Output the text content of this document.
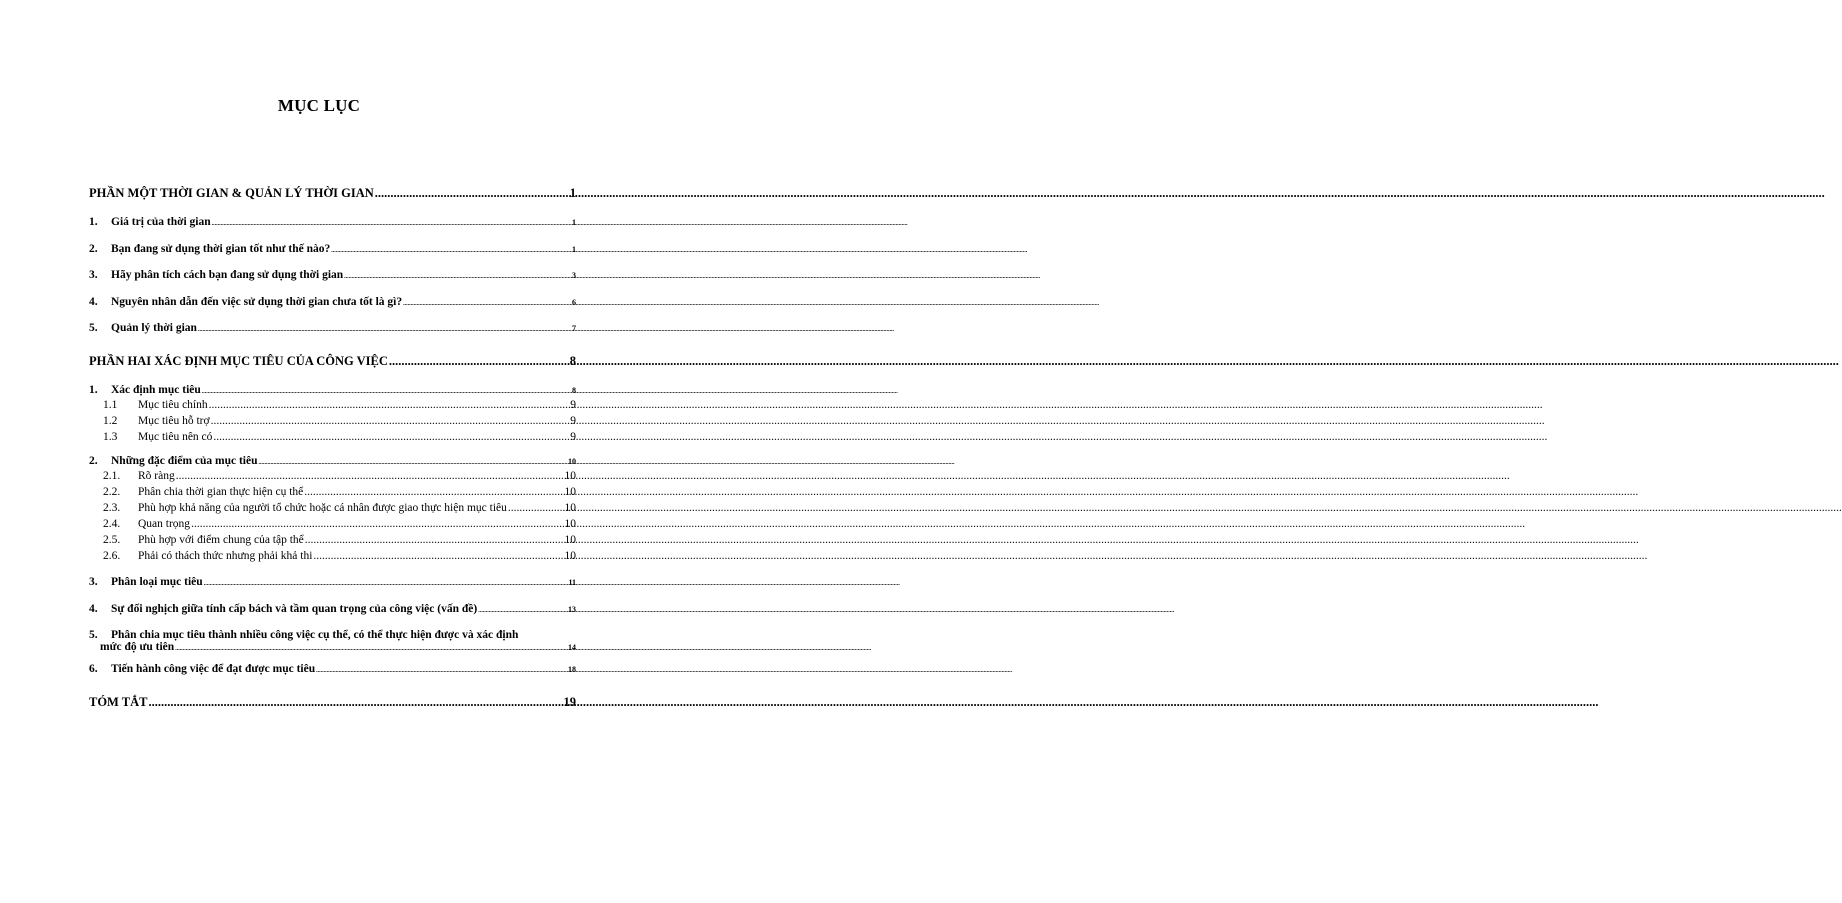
MỤC LỤC
PHẦN MỘT THỜI GIAN & QUẢN LÝ THỜI GIAN .....	1
1.	Giá trị của thời gian .....	1
2.	Bạn đang sử dụng thời gian tốt như thế nào? .....	1
3.	Hãy phân tích cách bạn đang sử dụng thời gian .....	3
4.	Nguyên nhân dẫn đến việc sử dụng thời gian chưa tốt là gì? .....	6
5.	Quản lý thời gian .....	7
PHẦN HAI XÁC ĐỊNH MỤC TIÊU CỦA CÔNG VIỆC .....	8
1.	Xác định mục tiêu .....	8
1.1	Mục tiêu chính .....	9
1.2	Mục tiêu hỗ trợ .....	9
1.3	Mục tiêu nên có .....	9
2.	Những đặc điểm của mục tiêu .....	10
2.1.	Rõ ràng .....	10
2.2.	Phân chia thời gian thực hiện cụ thể .....	10
2.3.	Phù hợp khả năng của người tổ chức hoặc cá nhân được giao thực hiện mục tiêu .....	10
2.4.	Quan trọng .....	10
2.5.	Phù hợp với điểm chung của tập thể .....	10
2.6.	Phải có thách thức nhưng phải khả thi .....	10
3.	Phân loại mục tiêu .....	11
4.	Sự đối nghịch giữa tính cấp bách và tầm quan trọng của công việc (vấn đề) .....	13
5.	Phân chia mục tiêu thành nhiều công việc cụ thể, có thể thực hiện được và xác định
mức độ ưu tiên .....	14
6.	Tiến hành công việc để đạt được mục tiêu .....	18
TÓM TẮT .....	19
